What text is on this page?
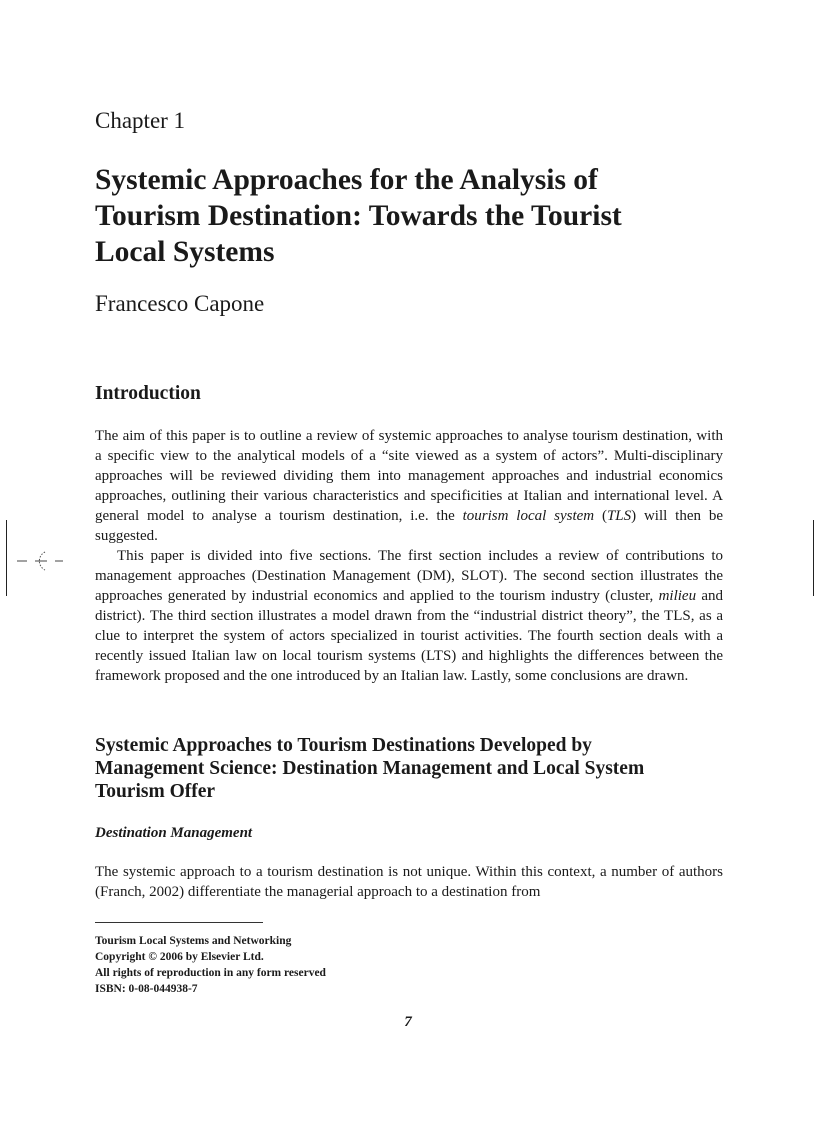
Chapter 1
Systemic Approaches for the Analysis of
Tourism Destination: Towards the Tourist
Local Systems
Francesco Capone
Introduction

The aim of this paper is to outline a review of systemic approaches to analyse tourism destination, with a specific view to the analytical models of a “site viewed as a system of actors”. Multi-disciplinary approaches will be reviewed dividing them into management approaches and industrial economics approaches, outlining their various characteristics and specificities at Italian and international level. A general model to analyse a tourism destination, i.e. the tourism local system (TLS) will then be suggested.

This paper is divided into five sections. The first section includes a review of contributions to management approaches (Destination Management (DM), SLOT). The second section illustrates the approaches generated by industrial economics and applied to the tourism industry (cluster, milieu and district). The third section illustrates a model drawn from the “industrial district theory”, the TLS, as a clue to interpret the system of actors specialized in tourist activities. The fourth section deals with a recently issued Italian law on local tourism systems (LTS) and highlights the differences between the framework proposed and the one introduced by an Italian law. Lastly, some conclusions are drawn.

Systemic Approaches to Tourism Destinations Developed by
Management Science: Destination Management and Local System
Tourism Offer
Destination Management

The systemic approach to a tourism destination is not unique. Within this context, a number of authors (Franch, 2002) differentiate the managerial approach to a destination from

Tourism Local Systems and Networking
Copyright © 2006 by Elsevier Ltd.
All rights of reproduction in any form reserved
ISBN: 0-08-044938-7
7
